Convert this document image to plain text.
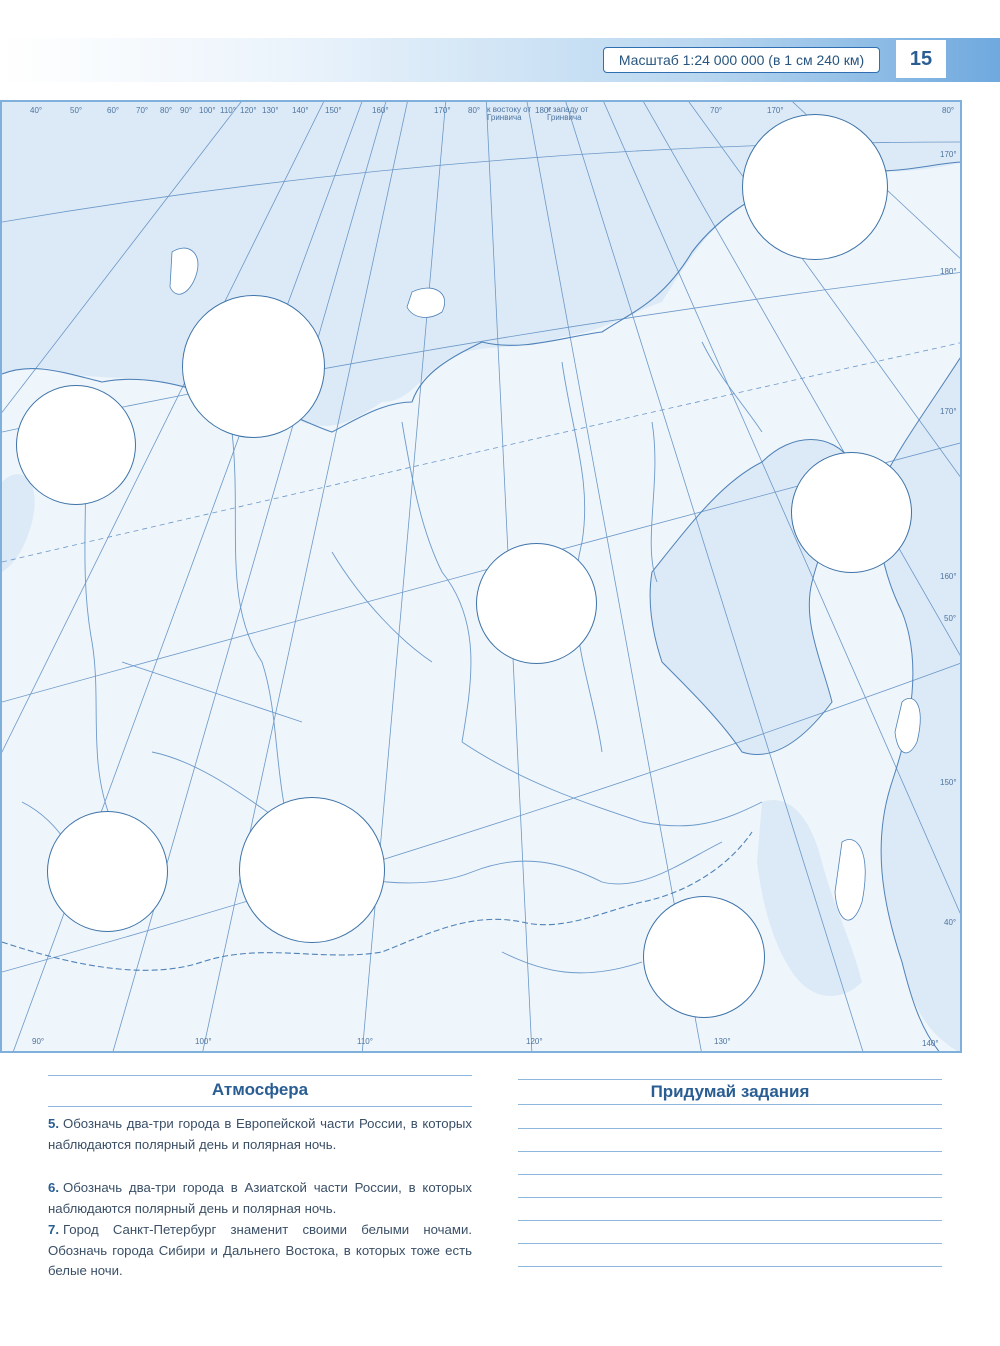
Масштаб 1:24 000 000 (в 1 см 240 км)	15
40°	50°	60° 70° 80° 90° 100° 110° 120° 130° 140° 150°	160°	170° 80° к востоку от Гринвича
180°
к западу от Гринвича
70°	170°	80°
170°
180°
170°
160°
50°
150°
40°
140°
90°	100°	110°	120°	130°
Атмосфера
5. Обозначь два-три города в Европейской части России, в которых наблюдаются полярный день и полярная ночь.
6. Обозначь два-три города в Азиатской части России, в которых наблюдаются полярный день и полярная ночь.
7. Город Санкт-Петербург знаменит своими белыми ночами. Обозначь города Сибири и Дальнего Востока, в которых тоже есть белые ночи.
Придумай задания
